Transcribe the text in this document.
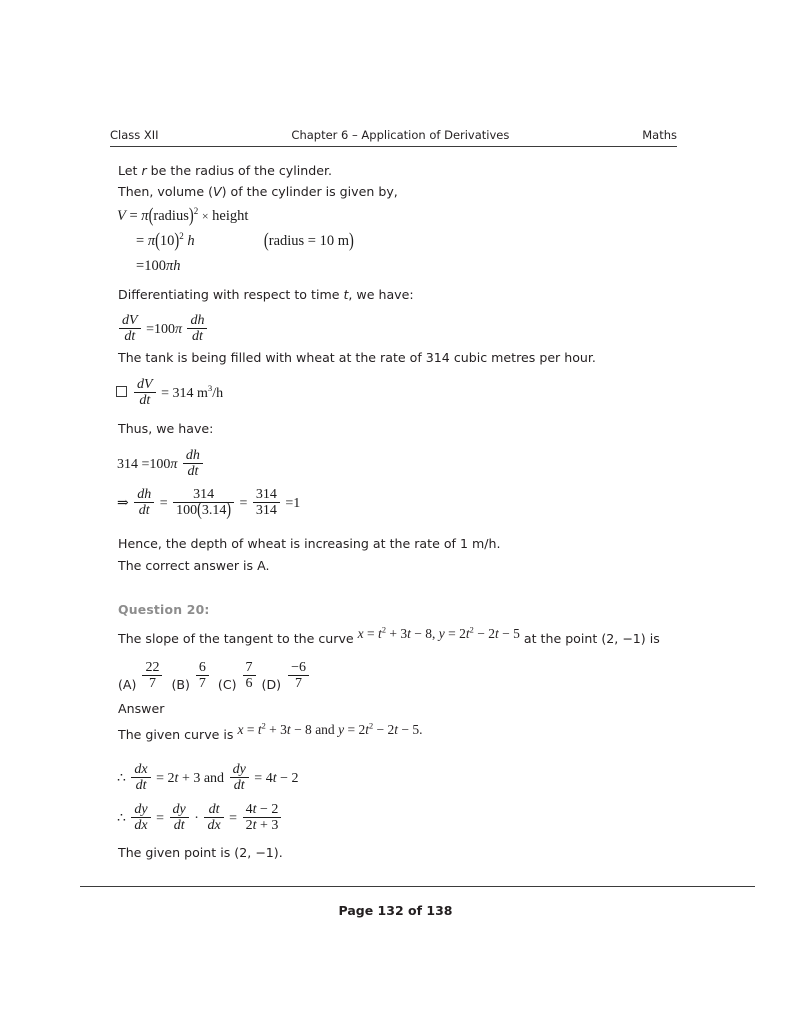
Class XII	Chapter 6 – Application of Derivatives	Maths
Let r be the radius of the cylinder.
Then, volume (V) of the cylinder is given by,
V = π(radius)$^2$ × height
= $\pi(10)^2$ h	(radius = 10 m)
=100πh
Differentiating with respect to time t, we have:
$\frac{dV}{dt} =100\pi \frac{dh}{dt}$
The tank is being filled with wheat at the rate of 314 cubic metres per hour.
$\frac{dV}{dt} = 314$ $m^3/h$
Thus, we have:
$314 =100\pi \frac{dh}{dt}$
⇒ $\frac{dh}{dt} = \frac{314}{100(3.14)} = \frac{314}{314} =1$
Hence, the depth of wheat is increasing at the rate of 1 m/h.
The correct answer is A.
Question 20:
The slope of the tangent to the curve $x = t^2 + 3t - 8$, $y = 2t^2 - 2t - 5$ at the point (2, −1) is
$(A) \frac{22}{7} (B) \frac{6}{7} (C) \frac{7}{6} (D) \frac{-6}{7}$
Answer
The given curve is $x = t^2 + 3t - 8$ and $y = 2t^2 - 2t - 5$.
∴ $\frac{dx}{dt} = 2t + 3$ and $\frac{dy}{dt} = 4t - 2$
∴ $\frac{dy}{dx} = \frac{dy}{dt} \cdot \frac{dt}{dx} = \frac{4t - 2}{2t + 3}$
The given point is (2, −1).
Page 132 of 138
